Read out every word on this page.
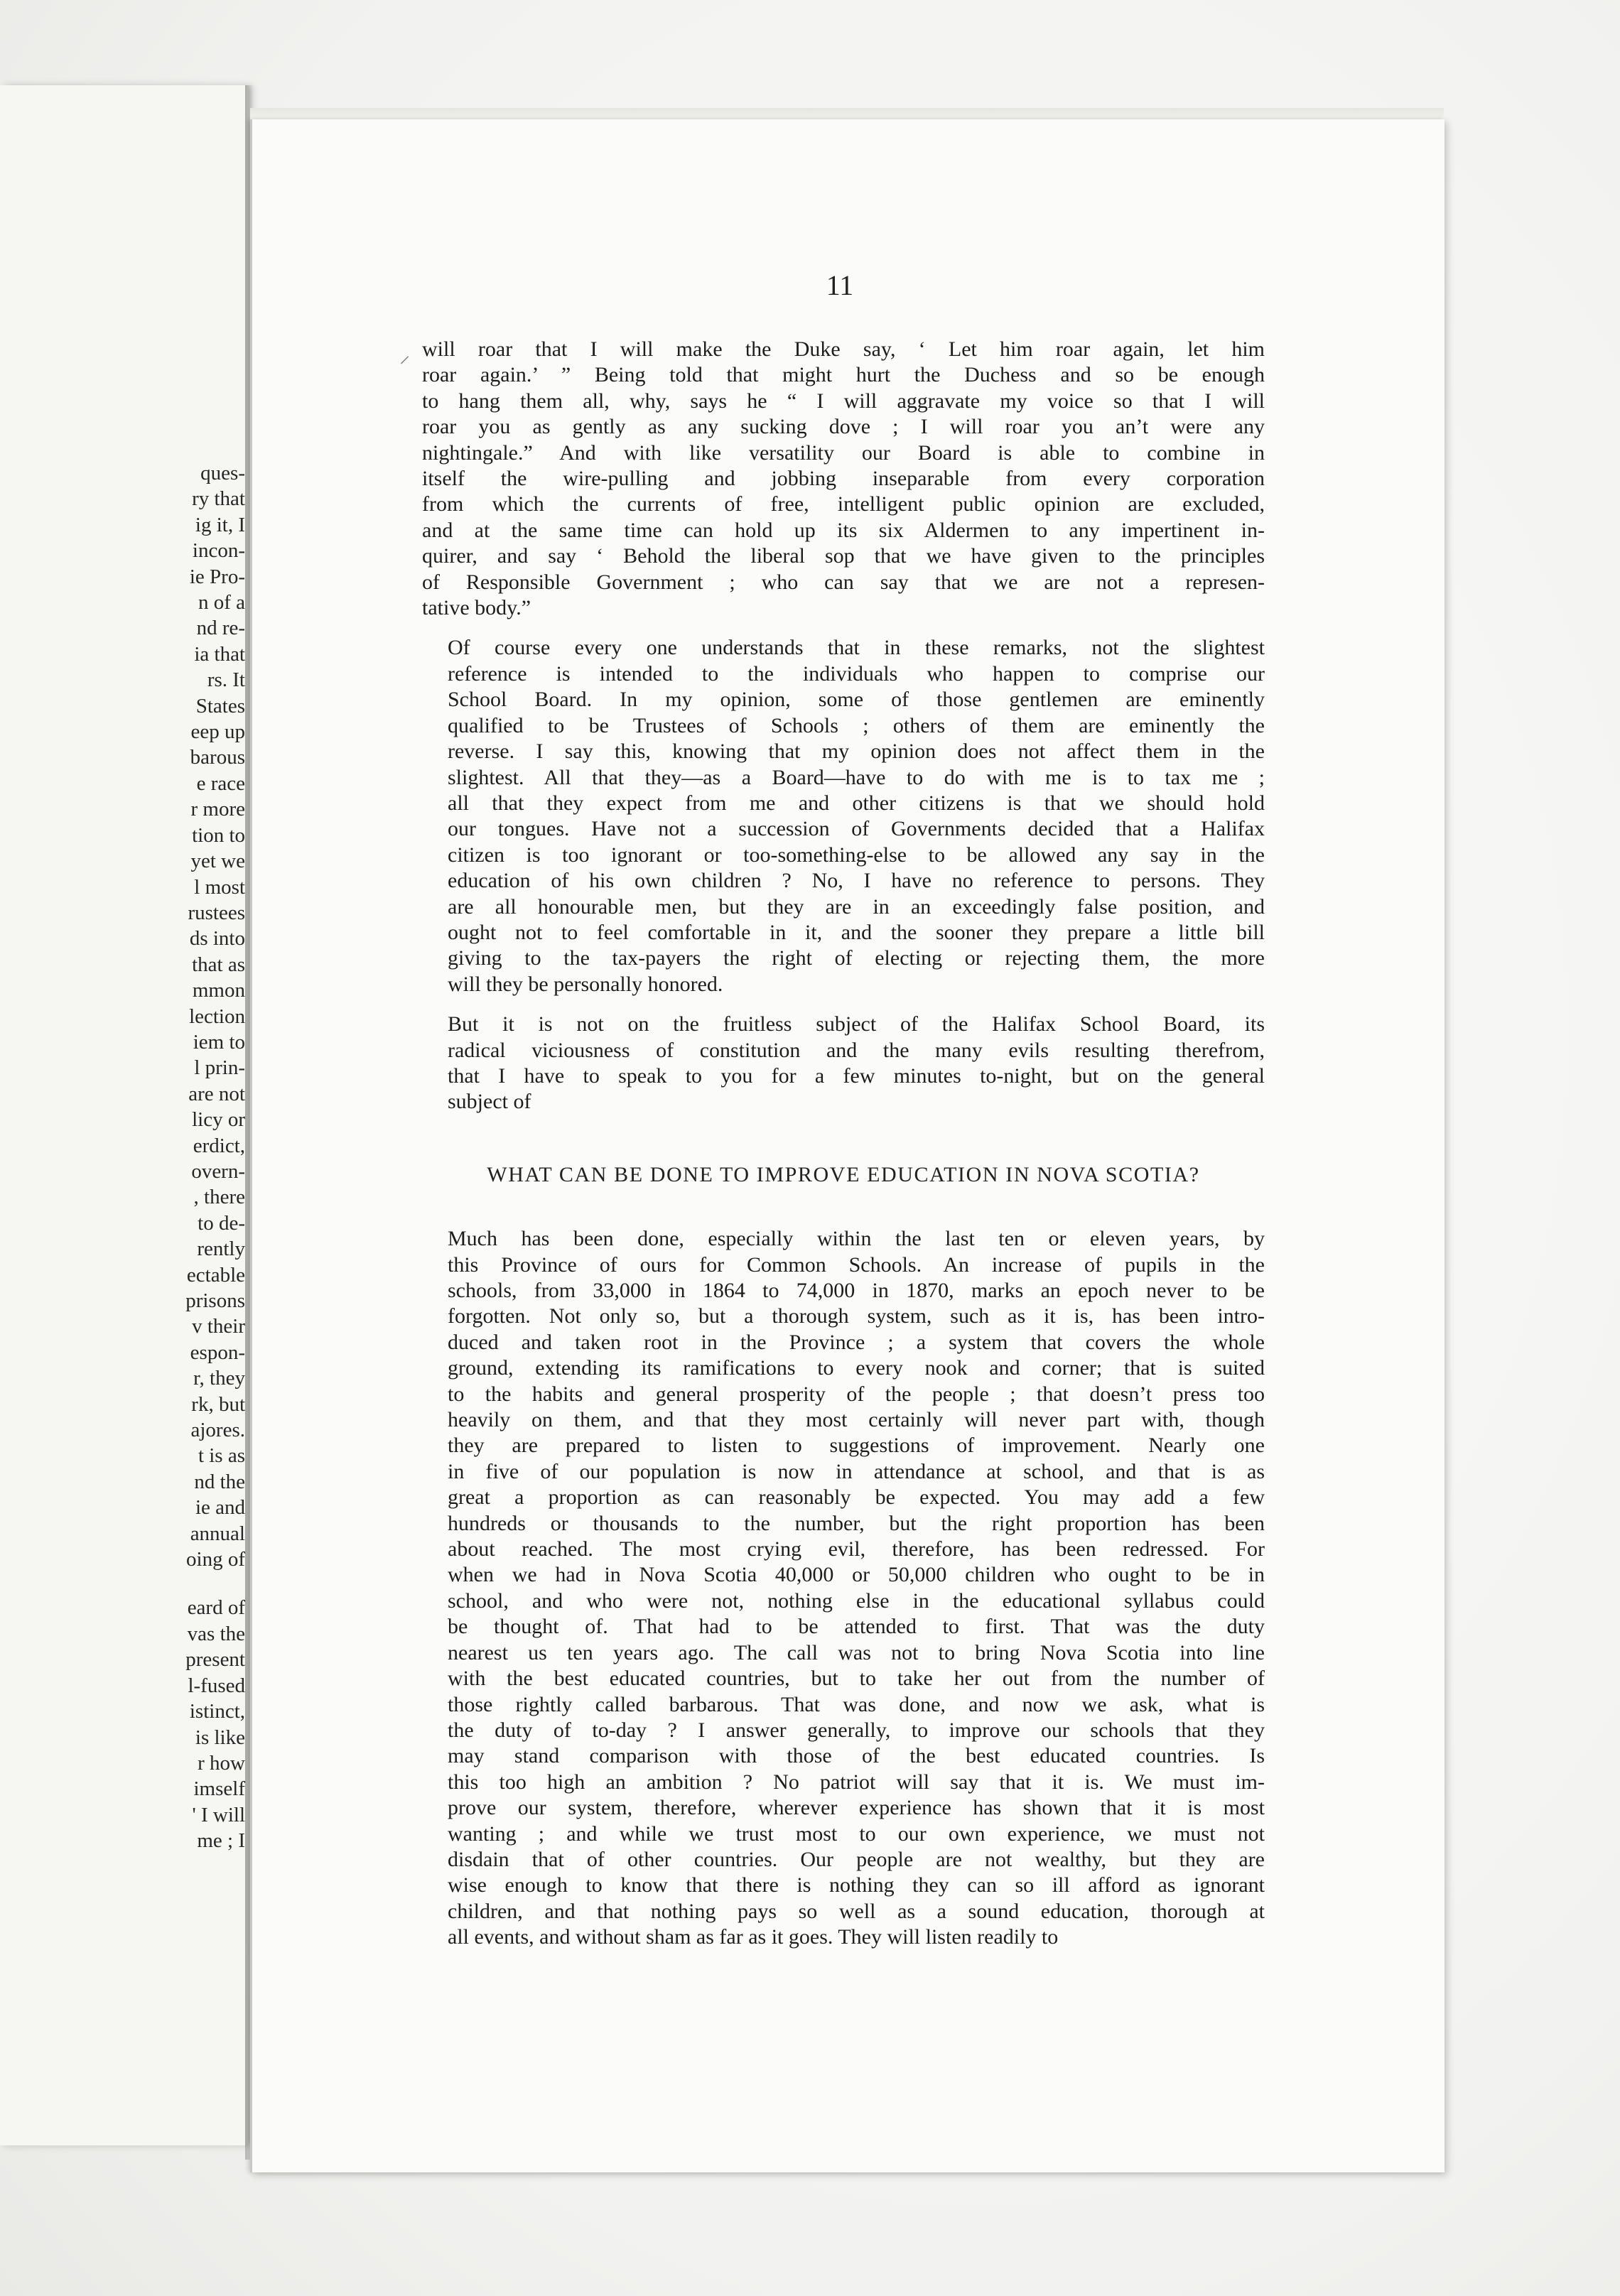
ques-
ry that
ig it, I
incon-
ie Pro-
n of a
nd re-
ia that
rs. It
States
eep up
barous
e race
r more
tion to
yet we
l most
rustees
ds into
that as
mmon
lection
iem to
l prin-
are not
licy or
erdict,
overn-
, there
to de-
rently
ectable
prisons
v their
espon-
r, they
rk, but
ajores.
t is as
nd the
ie and
annual
oing of
eard of
vas the
present
l-fused
istinct,
is like
r how
imself
' I will
me ; I
11

will roar that I will make the Duke say, ‘ Let him roar again, let him
roar again.’ ” Being told that might hurt the Duchess and so be enough
to hang them all, why, says he “ I will aggravate my voice so that I will
roar you as gently as any sucking dove ; I will roar you an’t were any
nightingale.” And with like versatility our Board is able to combine in
itself the wire-pulling and jobbing inseparable from every corporation
from which the currents of free, intelligent public opinion are excluded,
and at the same time can hold up its six Aldermen to any impertinent in-
quirer, and say ‘ Behold the liberal sop that we have given to the principles
of Responsible Government ; who can say that we are not a represen-
tative body.”

Of course every one understands that in these remarks, not the slightest
reference is intended to the individuals who happen to comprise our
School Board. In my opinion, some of those gentlemen are eminently
qualified to be Trustees of Schools ; others of them are eminently the
reverse. I say this, knowing that my opinion does not affect them in the
slightest. All that they—as a Board—have to do with me is to tax me ;
all that they expect from me and other citizens is that we should hold
our tongues. Have not a succession of Governments decided that a Halifax
citizen is too ignorant or too-something-else to be allowed any say in the
education of his own children ? No, I have no reference to persons. They
are all honourable men, but they are in an exceedingly false position, and
ought not to feel comfortable in it, and the sooner they prepare a little bill
giving to the tax-payers the right of electing or rejecting them, the more
will they be personally honored.

But it is not on the fruitless subject of the Halifax School Board, its
radical viciousness of constitution and the many evils resulting therefrom,
that I have to speak to you for a few minutes to-night, but on the general
subject of

WHAT CAN BE DONE TO IMPROVE EDUCATION IN NOVA SCOTIA?

Much has been done, especially within the last ten or eleven years, by
this Province of ours for Common Schools. An increase of pupils in the
schools, from 33,000 in 1864 to 74,000 in 1870, marks an epoch never to be
forgotten. Not only so, but a thorough system, such as it is, has been intro-
duced and taken root in the Province ; a system that covers the whole
ground, extending its ramifications to every nook and corner; that is suited
to the habits and general prosperity of the people ; that doesn’t press too
heavily on them, and that they most certainly will never part with, though
they are prepared to listen to suggestions of improvement. Nearly one
in five of our population is now in attendance at school, and that is as
great a proportion as can reasonably be expected. You may add a few
hundreds or thousands to the number, but the right proportion has been
about reached. The most crying evil, therefore, has been redressed. For
when we had in Nova Scotia 40,000 or 50,000 children who ought to be in
school, and who were not, nothing else in the educational syllabus could
be thought of. That had to be attended to first. That was the duty
nearest us ten years ago. The call was not to bring Nova Scotia into line
with the best educated countries, but to take her out from the number of
those rightly called barbarous. That was done, and now we ask, what is
the duty of to-day ? I answer generally, to improve our schools that they
may stand comparison with those of the best educated countries. Is
this too high an ambition ? No patriot will say that it is. We must im-
prove our system, therefore, wherever experience has shown that it is most
wanting ; and while we trust most to our own experience, we must not
disdain that of other countries. Our people are not wealthy, but they are
wise enough to know that there is nothing they can so ill afford as ignorant
children, and that nothing pays so well as a sound education, thorough at
all events, and without sham as far as it goes. They will listen readily to

⸝
